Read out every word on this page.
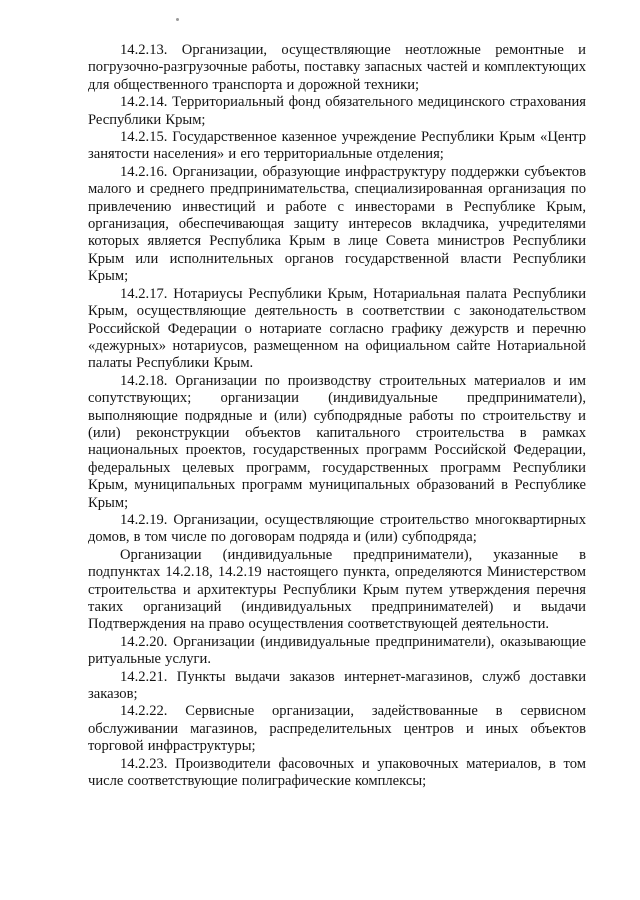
14.2.13. Организации, осуществляющие неотложные ремонтные и погрузочно-разгрузочные работы, поставку запасных частей и комплектующих для общественного транспорта и дорожной техники;

14.2.14. Территориальный фонд обязательного медицинского страхования Республики Крым;

14.2.15. Государственное казенное учреждение Республики Крым «Центр занятости населения» и его территориальные отделения;

14.2.16. Организации, образующие инфраструктуру поддержки субъектов малого и среднего предпринимательства, специализированная организация по привлечению инвестиций и работе с инвесторами в Республике Крым, организация, обеспечивающая защиту интересов вкладчика, учредителями которых является Республика Крым в лице Совета министров Республики Крым или исполнительных органов государственной власти Республики Крым;

14.2.17. Нотариусы Республики Крым, Нотариальная палата Республики Крым, осуществляющие деятельность в соответствии с законодательством Российской Федерации о нотариате согласно графику дежурств и перечню «дежурных» нотариусов, размещенном на официальном сайте Нотариальной палаты Республики Крым.

14.2.18. Организации по производству строительных материалов и им сопутствующих; организации (индивидуальные предприниматели), выполняющие подрядные и (или) субподрядные работы по строительству и (или) реконструкции объектов капитального строительства в рамках национальных проектов, государственных программ Российской Федерации, федеральных целевых программ, государственных программ Республики Крым, муниципальных программ муниципальных образований в Республике Крым;

14.2.19. Организации, осуществляющие строительство многоквартирных домов, в том числе по договорам подряда и (или) субподряда;

Организации (индивидуальные предприниматели), указанные в подпунктах 14.2.18, 14.2.19 настоящего пункта, определяются Министерством строительства и архитектуры Республики Крым путем утверждения перечня таких организаций (индивидуальных предпринимателей) и выдачи Подтверждения на право осуществления соответствующей деятельности.

14.2.20. Организации (индивидуальные предприниматели), оказывающие ритуальные услуги.

14.2.21. Пункты выдачи заказов интернет-магазинов, служб доставки заказов;

14.2.22. Сервисные организации, задействованные в сервисном обслуживании магазинов, распределительных центров и иных объектов торговой инфраструктуры;

14.2.23. Производители фасовочных и упаковочных материалов, в том числе соответствующие полиграфические комплексы;
